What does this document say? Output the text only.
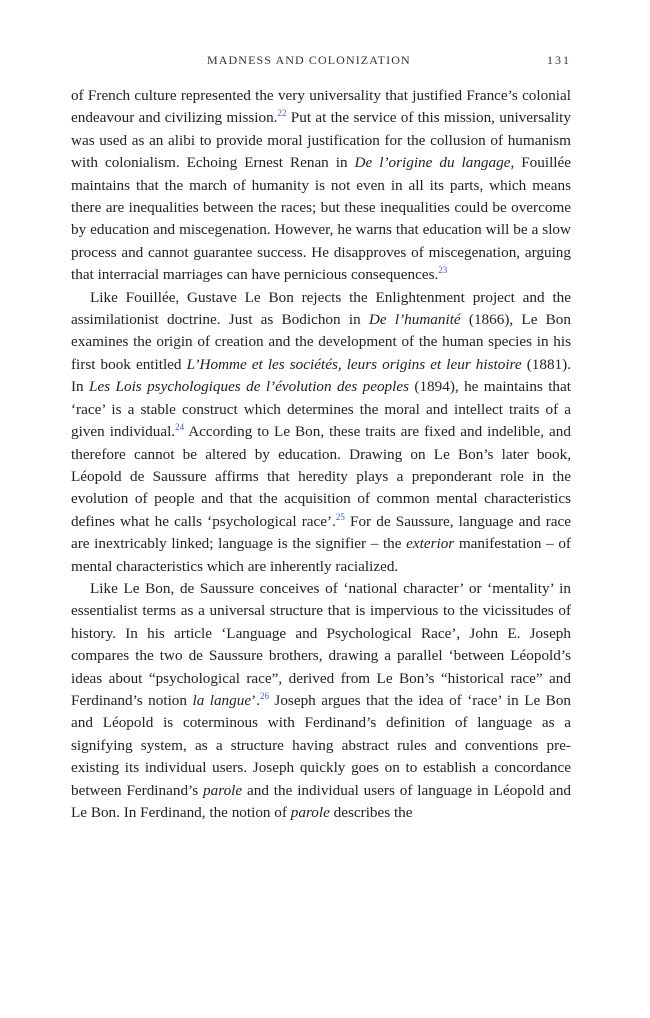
MADNESS AND COLONIZATION	131

of French culture represented the very universality that justified France’s colonial endeavour and civilizing mission.$^{22}$ Put at the service of this mission, universality was used as an alibi to provide moral justification for the collusion of humanism with colonialism. Echoing Ernest Renan in De l’origine du langage, Fouillée maintains that the march of humanity is not even in all its parts, which means there are inequalities between the races; but these inequalities could be overcome by education and miscegenation. However, he warns that education will be a slow process and cannot guarantee success. He disapproves of miscegenation, arguing that interracial marriages can have pernicious consequences.$^{23}$

Like Fouillée, Gustave Le Bon rejects the Enlightenment project and the assimilationist doctrine. Just as Bodichon in De l’humanité (1866), Le Bon examines the origin of creation and the development of the human species in his first book entitled L’Homme et les sociétés, leurs origins et leur histoire (1881). In Les Lois psychologiques de l’évolution des peoples (1894), he maintains that ‘race’ is a stable construct which determines the moral and intellect traits of a given individual.$^{24}$ According to Le Bon, these traits are fixed and indelible, and therefore cannot be altered by education. Drawing on Le Bon’s later book, Léopold de Saussure affirms that heredity plays a preponderant role in the evolution of people and that the acquisition of common mental characteristics defines what he calls ‘psychological race’.$^{25}$ For de Saussure, language and race are inextricably linked; language is the signifier – the exterior manifestation – of mental characteristics which are inherently racialized.

Like Le Bon, de Saussure conceives of ‘national character’ or ‘mentality’ in essentialist terms as a universal structure that is impervious to the vicissitudes of history. In his article ‘Language and Psychological Race’, John E. Joseph compares the two de Saussure brothers, drawing a parallel ‘between Léopold’s ideas about “psychological race”, derived from Le Bon’s “historical race” and Ferdinand’s notion la langue’.$^{26}$ Joseph argues that the idea of ‘race’ in Le Bon and Léopold is coterminous with Ferdinand’s definition of language as a signifying system, as a structure having abstract rules and conventions pre-existing its individual users. Joseph quickly goes on to establish a concordance between Ferdinand’s parole and the individual users of language in Léopold and Le Bon. In Ferdinand, the notion of parole describes the
